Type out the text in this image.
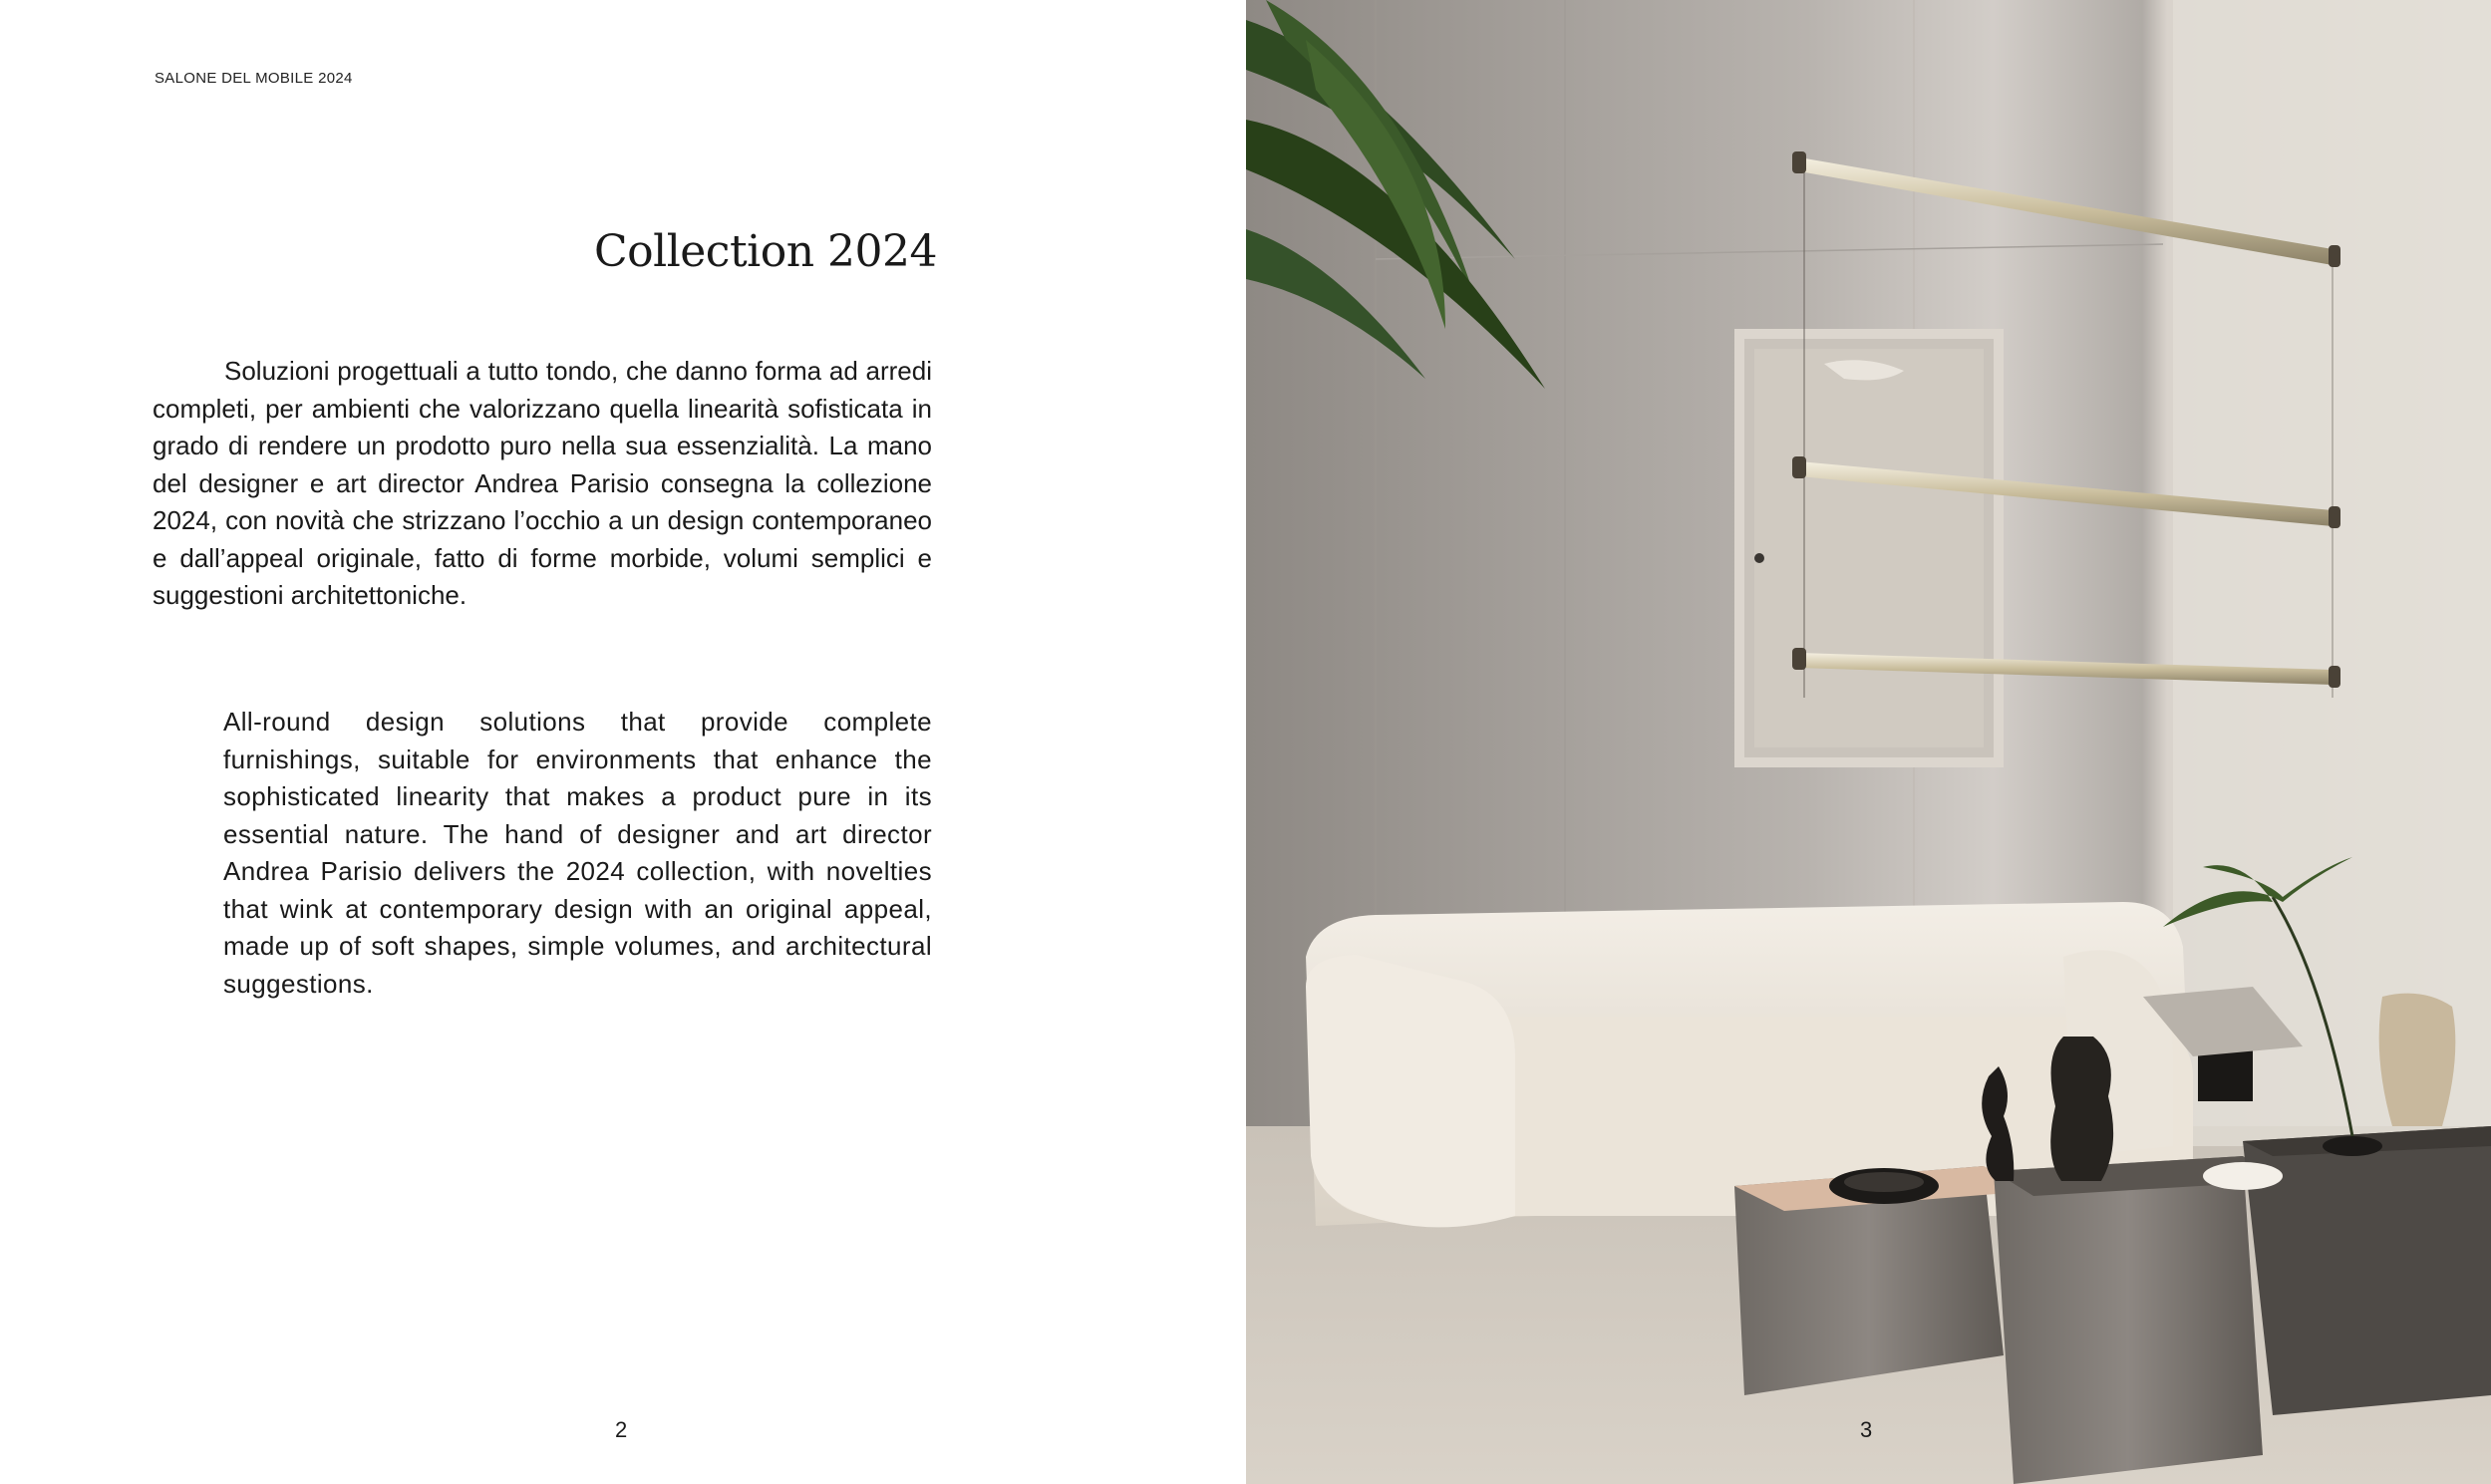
SALONE DEL MOBILE 2024
Collection 2024

Soluzioni progettuali a tutto tondo, che danno forma ad arredi completi, per ambienti che valorizzano quella linearità sofisticata in grado di rendere un prodotto puro nella sua essenzialità. La mano del designer e art director Andrea Parisio consegna la collezione 2024, con novità che strizzano l’occhio a un design contemporaneo e dall’appeal originale, fatto di forme morbide, volumi semplici e suggestioni architettoniche.

All-round design solutions that provide complete furnishings, suitable for environments that enhance the sophisticated linearity that makes a product pure in its essential nature. The hand of designer and art director Andrea Parisio delivers the 2024 collection, with novelties that wink at contemporary design with an original appeal, made up of soft shapes, simple volumes, and architectural suggestions.

2	3
